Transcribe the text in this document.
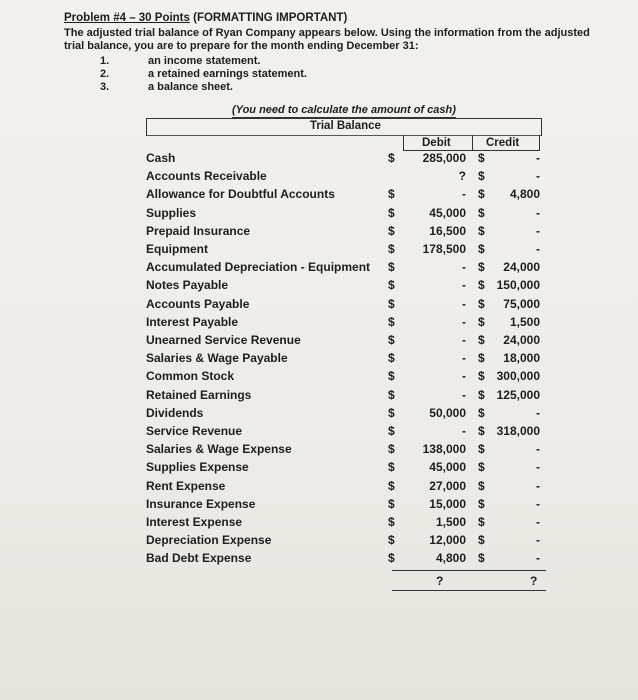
Problem #4 – 30 Points (FORMATTING IMPORTANT)
The adjusted trial balance of Ryan Company appears below. Using the information from the adjusted trial balance, you are to prepare for the month ending December 31:
1.	an income statement.
2.	a retained earnings statement.
3.	a balance sheet.
(You need to calculate the amount of cash)
Trial Balance
Debit	Credit
Cash	$	285,000 $	-
Accounts Receivable	? $	-
Allowance for Doubtful Accounts	$	- $	4,800
Supplies	$	45,000 $	-
Prepaid Insurance	$	16,500 $	-
Equipment	$	178,500 $	-
Accumulated Depreciation - Equipment $	- $	24,000
Notes Payable	$	- $ 150,000
Accounts Payable	$	- $	75,000
Interest Payable	$	- $	1,500
Unearned Service Revenue	$	- $	24,000
Salaries & Wage Payable	$	- $	18,000
Common Stock	$	- $ 300,000
Retained Earnings	$	- $ 125,000
Dividends	$	50,000 $	-
Service Revenue	$	- $ 318,000
Salaries & Wage Expense	$	138,000 $	-
Supplies Expense	$	45,000 $	-
Rent Expense	$	27,000 $	-
Insurance Expense	$	15,000 $	-
Interest Expense	$	1,500 $	-
Depreciation Expense	$	12,000 $	-
Bad Debt Expense	$	4,800 $	-
?	?
